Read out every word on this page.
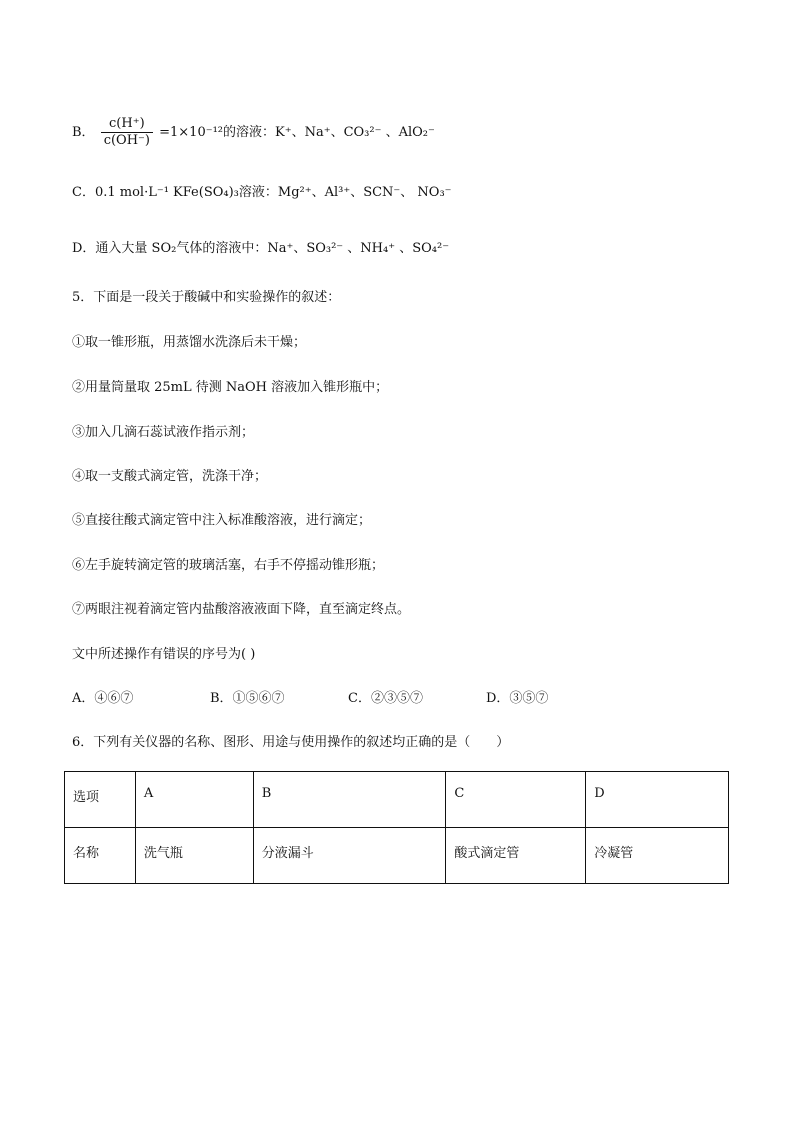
B． $\frac{c(H^+)}{c(OH^-)} =1\times 10^{-12}$的溶液：K⁺、Na⁺、CO₃²⁻ 、AlO₂⁻
C．0.1 mol·L⁻¹ KFe(SO₄)₃溶液：Mg²⁺、Al³⁺、SCN⁻、 NO₃⁻
D．通入大量 SO₂气体的溶液中：Na⁺、SO₃²⁻ 、NH₄⁺ 、SO₄²⁻
5．下面是一段关于酸碱中和实验操作的叙述：
①取一锥形瓶，用蒸馏水洗涤后未干燥；
②用量筒量取 25mL 待测 NaOH 溶液加入锥形瓶中；
③加入几滴石蕊试液作指示剂；
④取一支酸式滴定管，洗涤干净；
⑤直接往酸式滴定管中注入标准酸溶液，进行滴定；
⑥左手旋转滴定管的玻璃活塞，右手不停摇动锥形瓶；
⑦两眼注视着滴定管内盐酸溶液液面下降，直至滴定终点。
文中所述操作有错误的序号为( )
A．④⑥⑦	B．①⑤⑥⑦	C．②③⑤⑦	D．③⑤⑦
6．下列有关仪器的名称、图形、用途与使用操作的叙述均正确的是（　　）
选项	A	B	C	D

名称	洗气瓶	分液漏斗	酸式滴定管	冷凝管
